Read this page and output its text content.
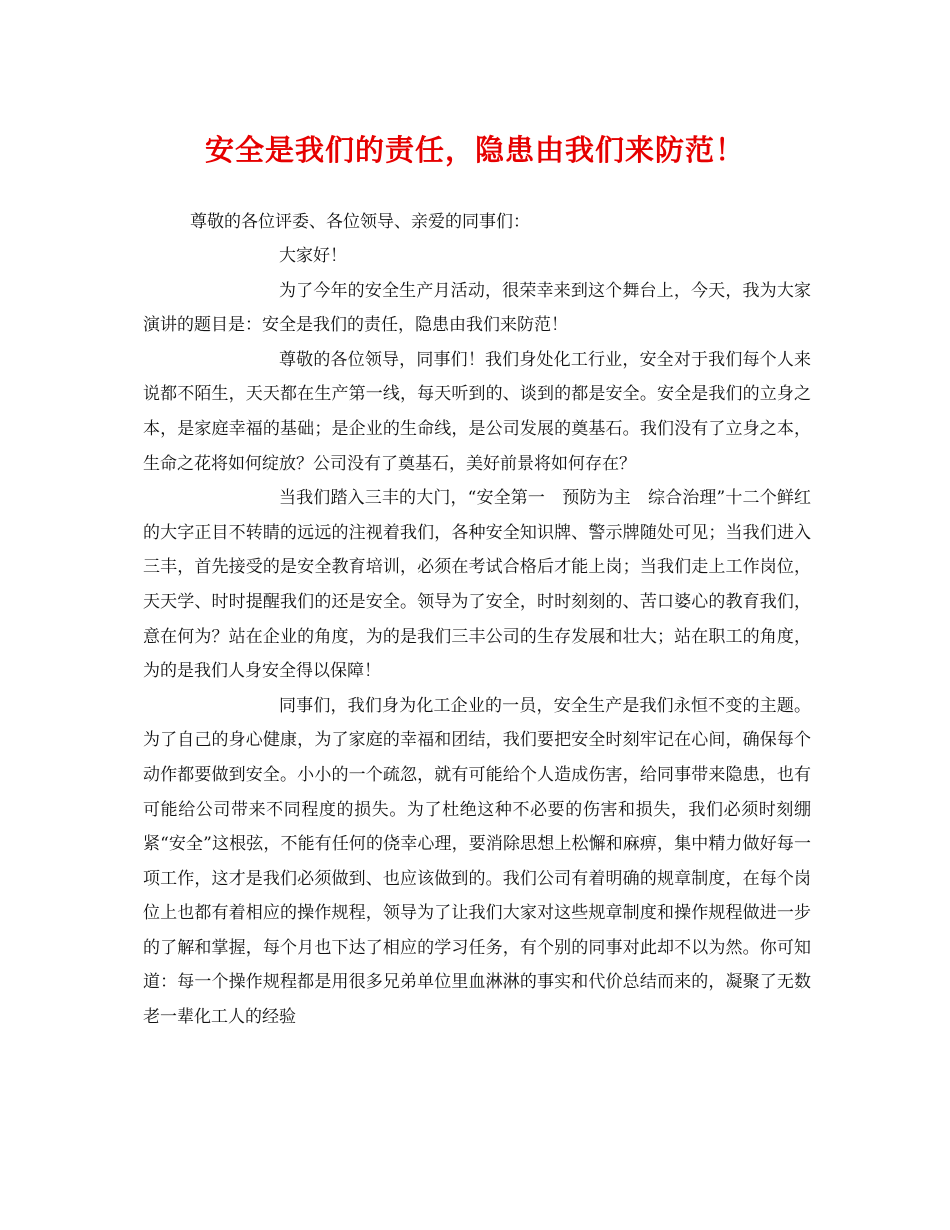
安全是我们的责任，隐患由我们来防范！
尊敬的各位评委、各位领导、亲爱的同事们：

大家好！

为了今年的安全生产月活动，很荣幸来到这个舞台上，今天，我为大家演讲的题目是：安全是我们的责任，隐患由我们来防范！

尊敬的各位领导，同事们！我们身处化工行业，安全对于我们每个人来说都不陌生，天天都在生产第一线，每天听到的、谈到的都是安全。安全是我们的立身之本，是家庭幸福的基础；是企业的生命线，是公司发展的奠基石。我们没有了立身之本，生命之花将如何绽放？公司没有了奠基石，美好前景将如何存在？

当我们踏入三丰的大门，“安全第一　预防为主　综合治理”十二个鲜红的大字正目不转睛的远远的注视着我们，各种安全知识牌、警示牌随处可见；当我们进入三丰，首先接受的是安全教育培训，必须在考试合格后才能上岗；当我们走上工作岗位，天天学、时时提醒我们的还是安全。领导为了安全，时时刻刻的、苦口婆心的教育我们，意在何为？站在企业的角度，为的是我们三丰公司的生存发展和壮大；站在职工的角度，为的是我们人身安全得以保障！

同事们，我们身为化工企业的一员，安全生产是我们永恒不变的主题。为了自己的身心健康，为了家庭的幸福和团结，我们要把安全时刻牢记在心间，确保每个动作都要做到安全。小小的一个疏忽，就有可能给个人造成伤害，给同事带来隐患，也有可能给公司带来不同程度的损失。为了杜绝这种不必要的伤害和损失，我们必须时刻绷紧“安全”这根弦，不能有任何的侥幸心理，要消除思想上松懈和麻痹，集中精力做好每一项工作，这才是我们必须做到、也应该做到的。我们公司有着明确的规章制度，在每个岗位上也都有着相应的操作规程，领导为了让我们大家对这些规章制度和操作规程做进一步的了解和掌握，每个月也下达了相应的学习任务，有个别的同事对此却不以为然。你可知道：每一个操作规程都是用很多兄弟单位里血淋淋的事实和代价总结而来的，凝聚了无数老一辈化工人的经验
